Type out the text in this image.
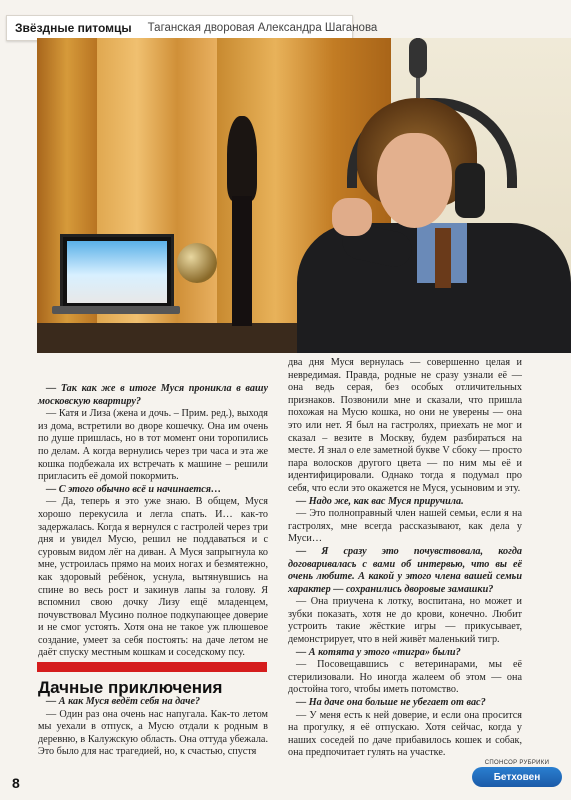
Звёздные питомцы	Таганская дворовая Александра Шаганова

— Так как же в итоге Муся проникла в вашу московскую квартиру?

— Катя и Лиза (жена и дочь. – Прим. ред.), выходя из дома, встретили во дворе кошечку. Она им очень по душе пришлась, но в тот момент они торопились по делам. А когда вернулись через три часа и эта же кошка подбежала их встречать к машине – решили пригласить её домой покормить.

— С этого обычно всё и начинается…

— Да, теперь я это уже знаю. В общем, Муся хорошо перекусила и легла спать. И… как-то задержалась. Когда я вернулся с гастролей через три дня и увидел Мусю, решил не поддаваться и с суровым видом лёг на диван. А Муся запрыгнула ко мне, устроилась прямо на моих ногах и безмятежно, как здоровый ребёнок, уснула, вытянувшись на спине во весь рост и закинув лапы за голову. Я вспомнил свою дочку Лизу ещё младенцем, почувствовал Мусино полное подкупающее доверие и не смог устоять. Хотя она не такое уж плюшевое создание, умеет за себя постоять: на даче летом не даёт спуску местным кошкам и соседскому псу.

Дачные приключения

— А как Муся ведёт себя на даче?

— Один раз она очень нас напугала. Как-то летом мы уехали в отпуск, а Мусю отдали к родным в деревню, в Калужскую область. Она оттуда убежала. Это было для нас трагедией, но, к счастью, спустя

два дня Муся вернулась — совершенно целая и невредимая. Правда, родные не сразу узнали её — она ведь серая, без особых отличительных признаков. Позвонили мне и сказали, что пришла похожая на Мусю кошка, но они не уверены — она это или нет. Я был на гастролях, приехать не мог и сказал – везите в Москву, будем разбираться на месте. Я знал о еле заметной букве V сбоку — просто пара волосков другого цвета — по ним мы её и идентифицировали. Однако тогда я подумал про себя, что если это окажется не Муся, усыновим и эту.

— Надо же, как вас Муся приручила.

— Это полноправный член нашей семьи, если я на гастролях, мне всегда рассказывают, как дела у Муси…

— Я сразу это почувствовала, когда договаривалась с вами об интервью, что вы её очень любите. А какой у этого члена вашей семьи характер — сохранились дворовые замашки?

— Она приучена к лотку, воспитана, но может и зубки показать, хотя не до крови, конечно. Любит устроить такие жёсткие игры — прикусывает, демонстрирует, что в ней живёт маленький тигр.

— А котята у этого «тигра» были?

— Посовещавшись с ветеринарами, мы её стерилизовали. Но иногда жалеем об этом — она достойна того, чтобы иметь потомство.

— На даче она больше не убегает от вас?

— У меня есть к ней доверие, и если она просится на прогулку, я её отпускаю. Хотя сейчас, когда у наших соседей по даче прибавилось кошек и собак, она предпочитает гулять на участке.

8
СПОНСОР РУБРИКИ
Бетховен
